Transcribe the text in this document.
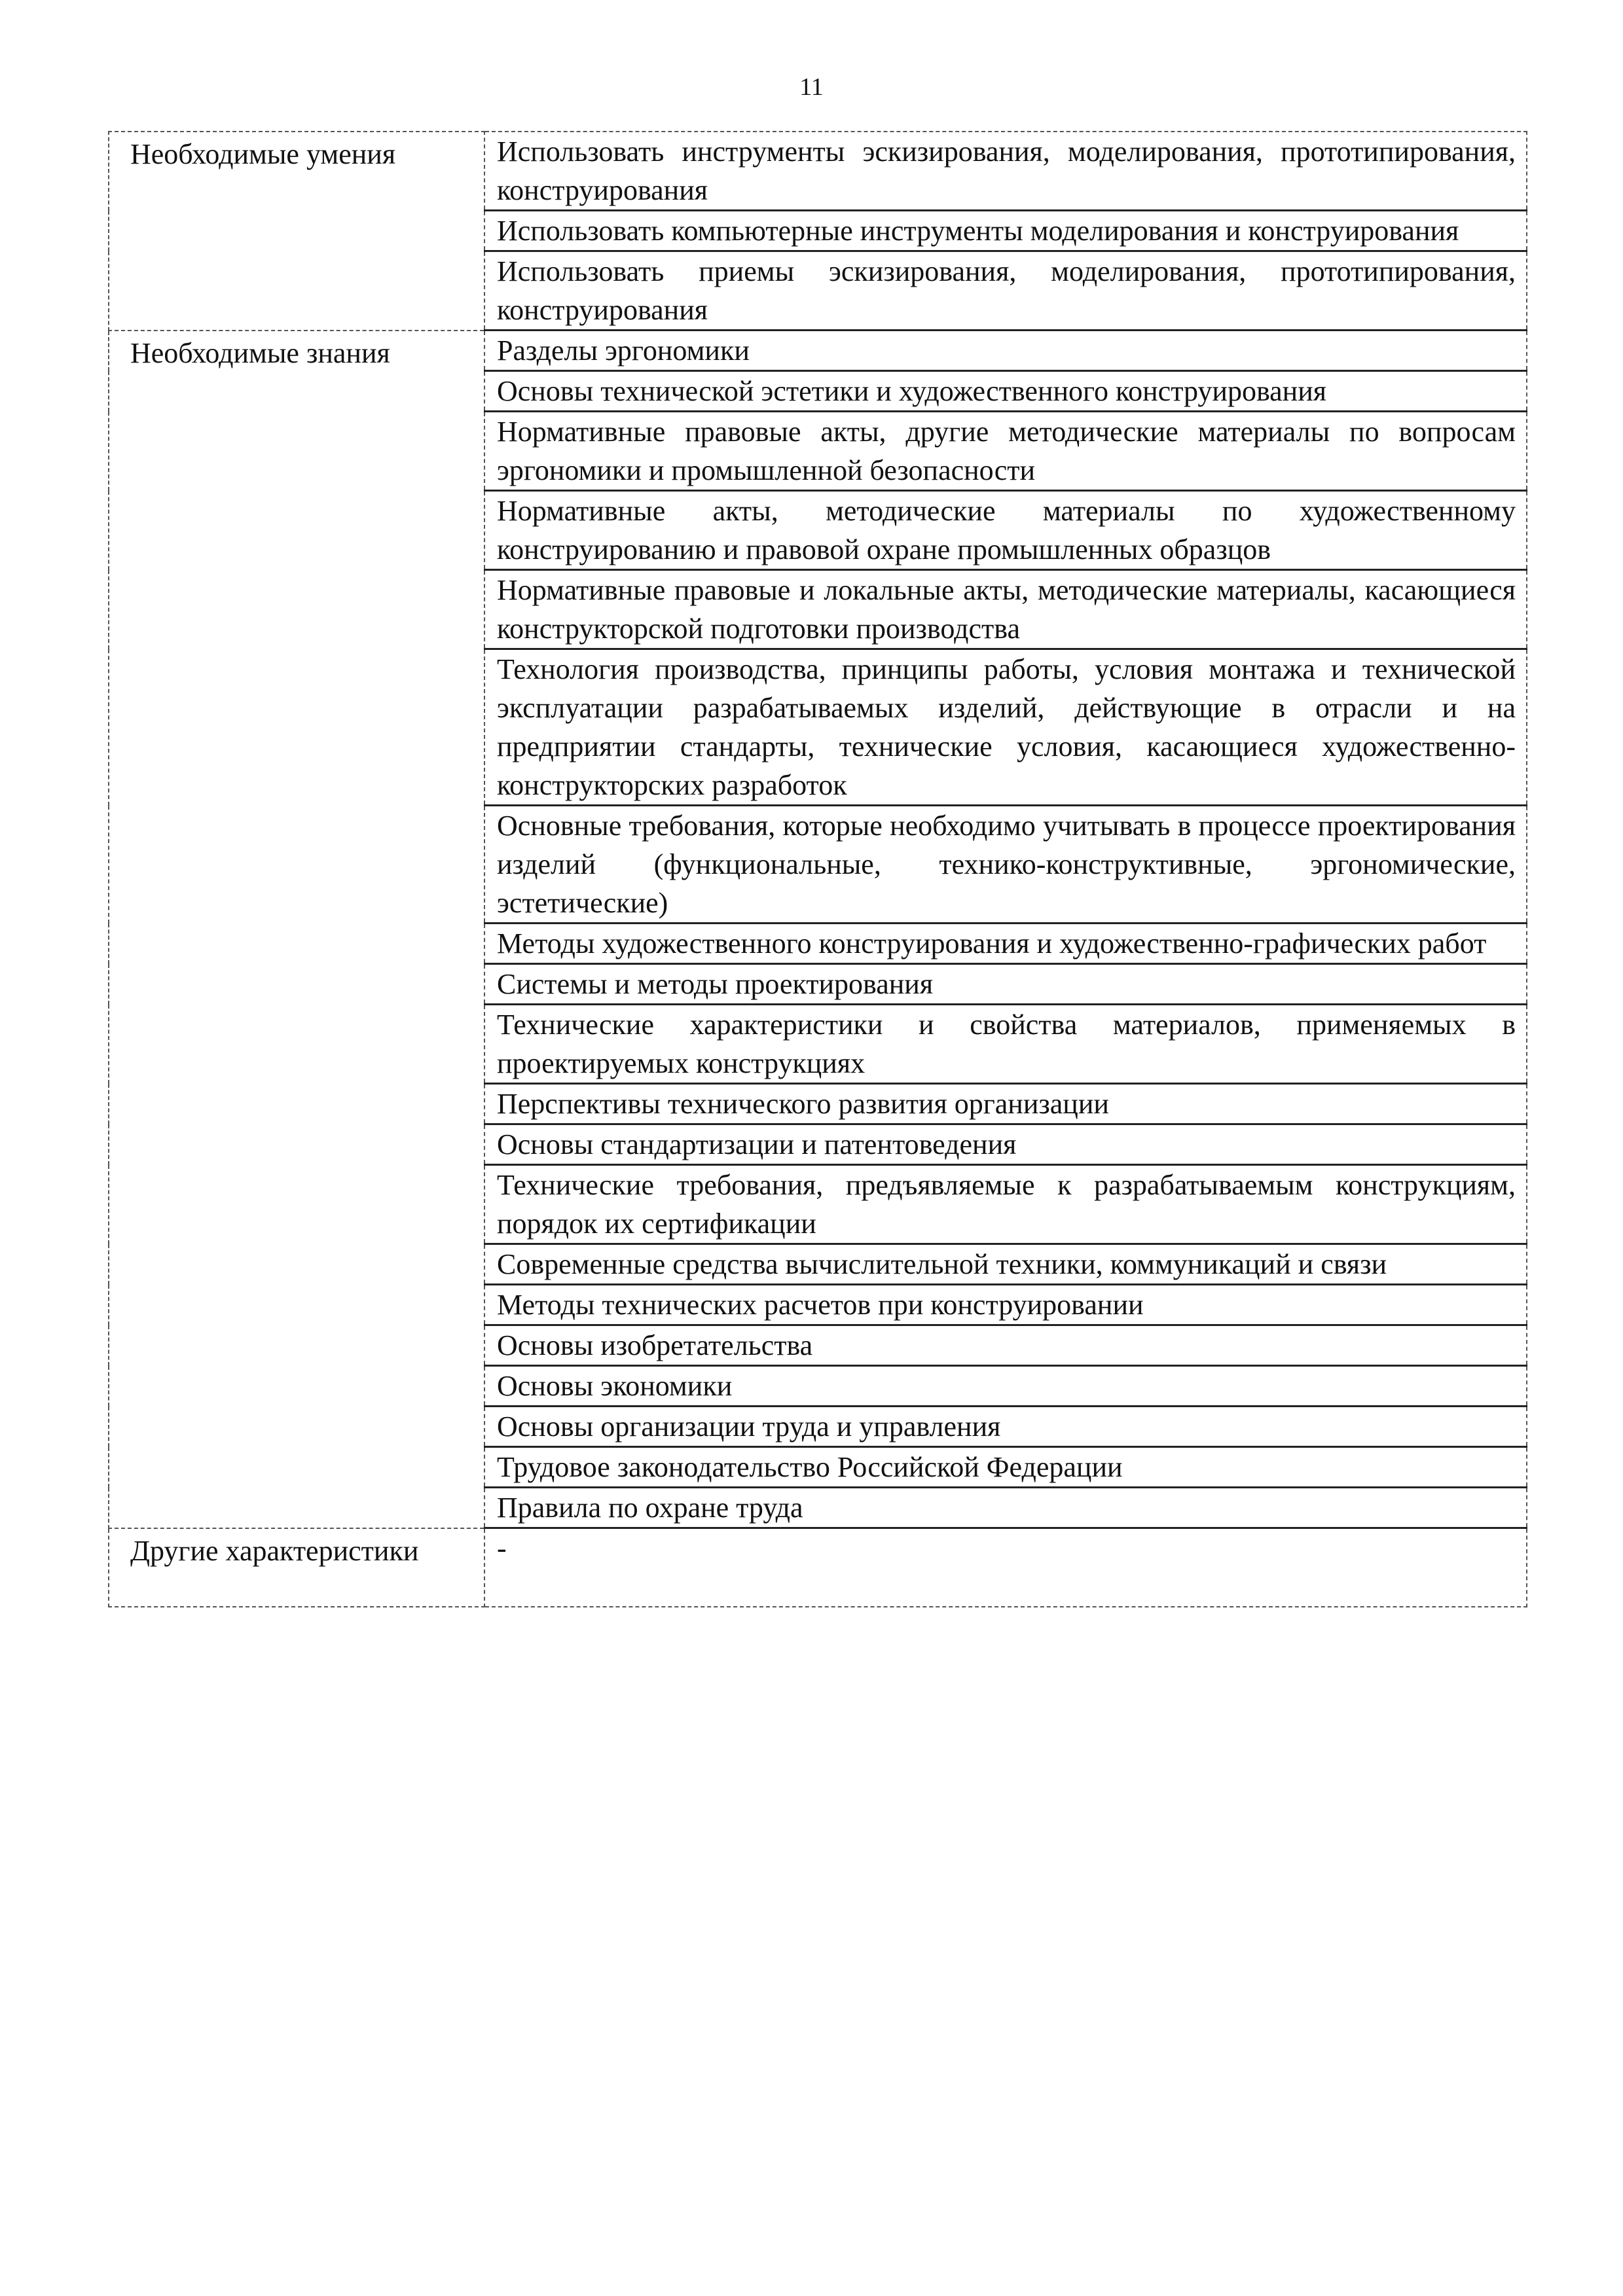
11
Необходимые умения	Использовать инструменты эскизирования, моделирования, прототипирования, конструирования
	Использовать компьютерные инструменты моделирования и конструирования
	Использовать приемы эскизирования, моделирования, прототипирования, конструирования
Необходимые знания	Разделы эргономики
	Основы технической эстетики и художественного конструирования
	Нормативные правовые акты, другие методические материалы по вопросам эргономики и промышленной безопасности
	Нормативные акты, методические материалы по художественному конструированию и правовой охране промышленных образцов
	Нормативные правовые и локальные акты, методические материалы, касающиеся конструкторской подготовки производства
	Технология производства, принципы работы, условия монтажа и технической эксплуатации разрабатываемых изделий, действующие в отрасли и на предприятии стандарты, технические условия, касающиеся художественно-конструкторских разработок
	Основные требования, которые необходимо учитывать в процессе проектирования изделий (функциональные, технико-конструктивные, эргономические, эстетические)
	Методы художественного конструирования и художественно-графических работ
	Системы и методы проектирования
	Технические характеристики и свойства материалов, применяемых в проектируемых конструкциях
	Перспективы технического развития организации
	Основы стандартизации и патентоведения
	Технические требования, предъявляемые к разрабатываемым конструкциям, порядок их сертификации
	Современные средства вычислительной техники, коммуникаций и связи
	Методы технических расчетов при конструировании
	Основы изобретательства
	Основы экономики
	Основы организации труда и управления
	Трудовое законодательство Российской Федерации
	Правила по охране труда
Другие характеристики	-
